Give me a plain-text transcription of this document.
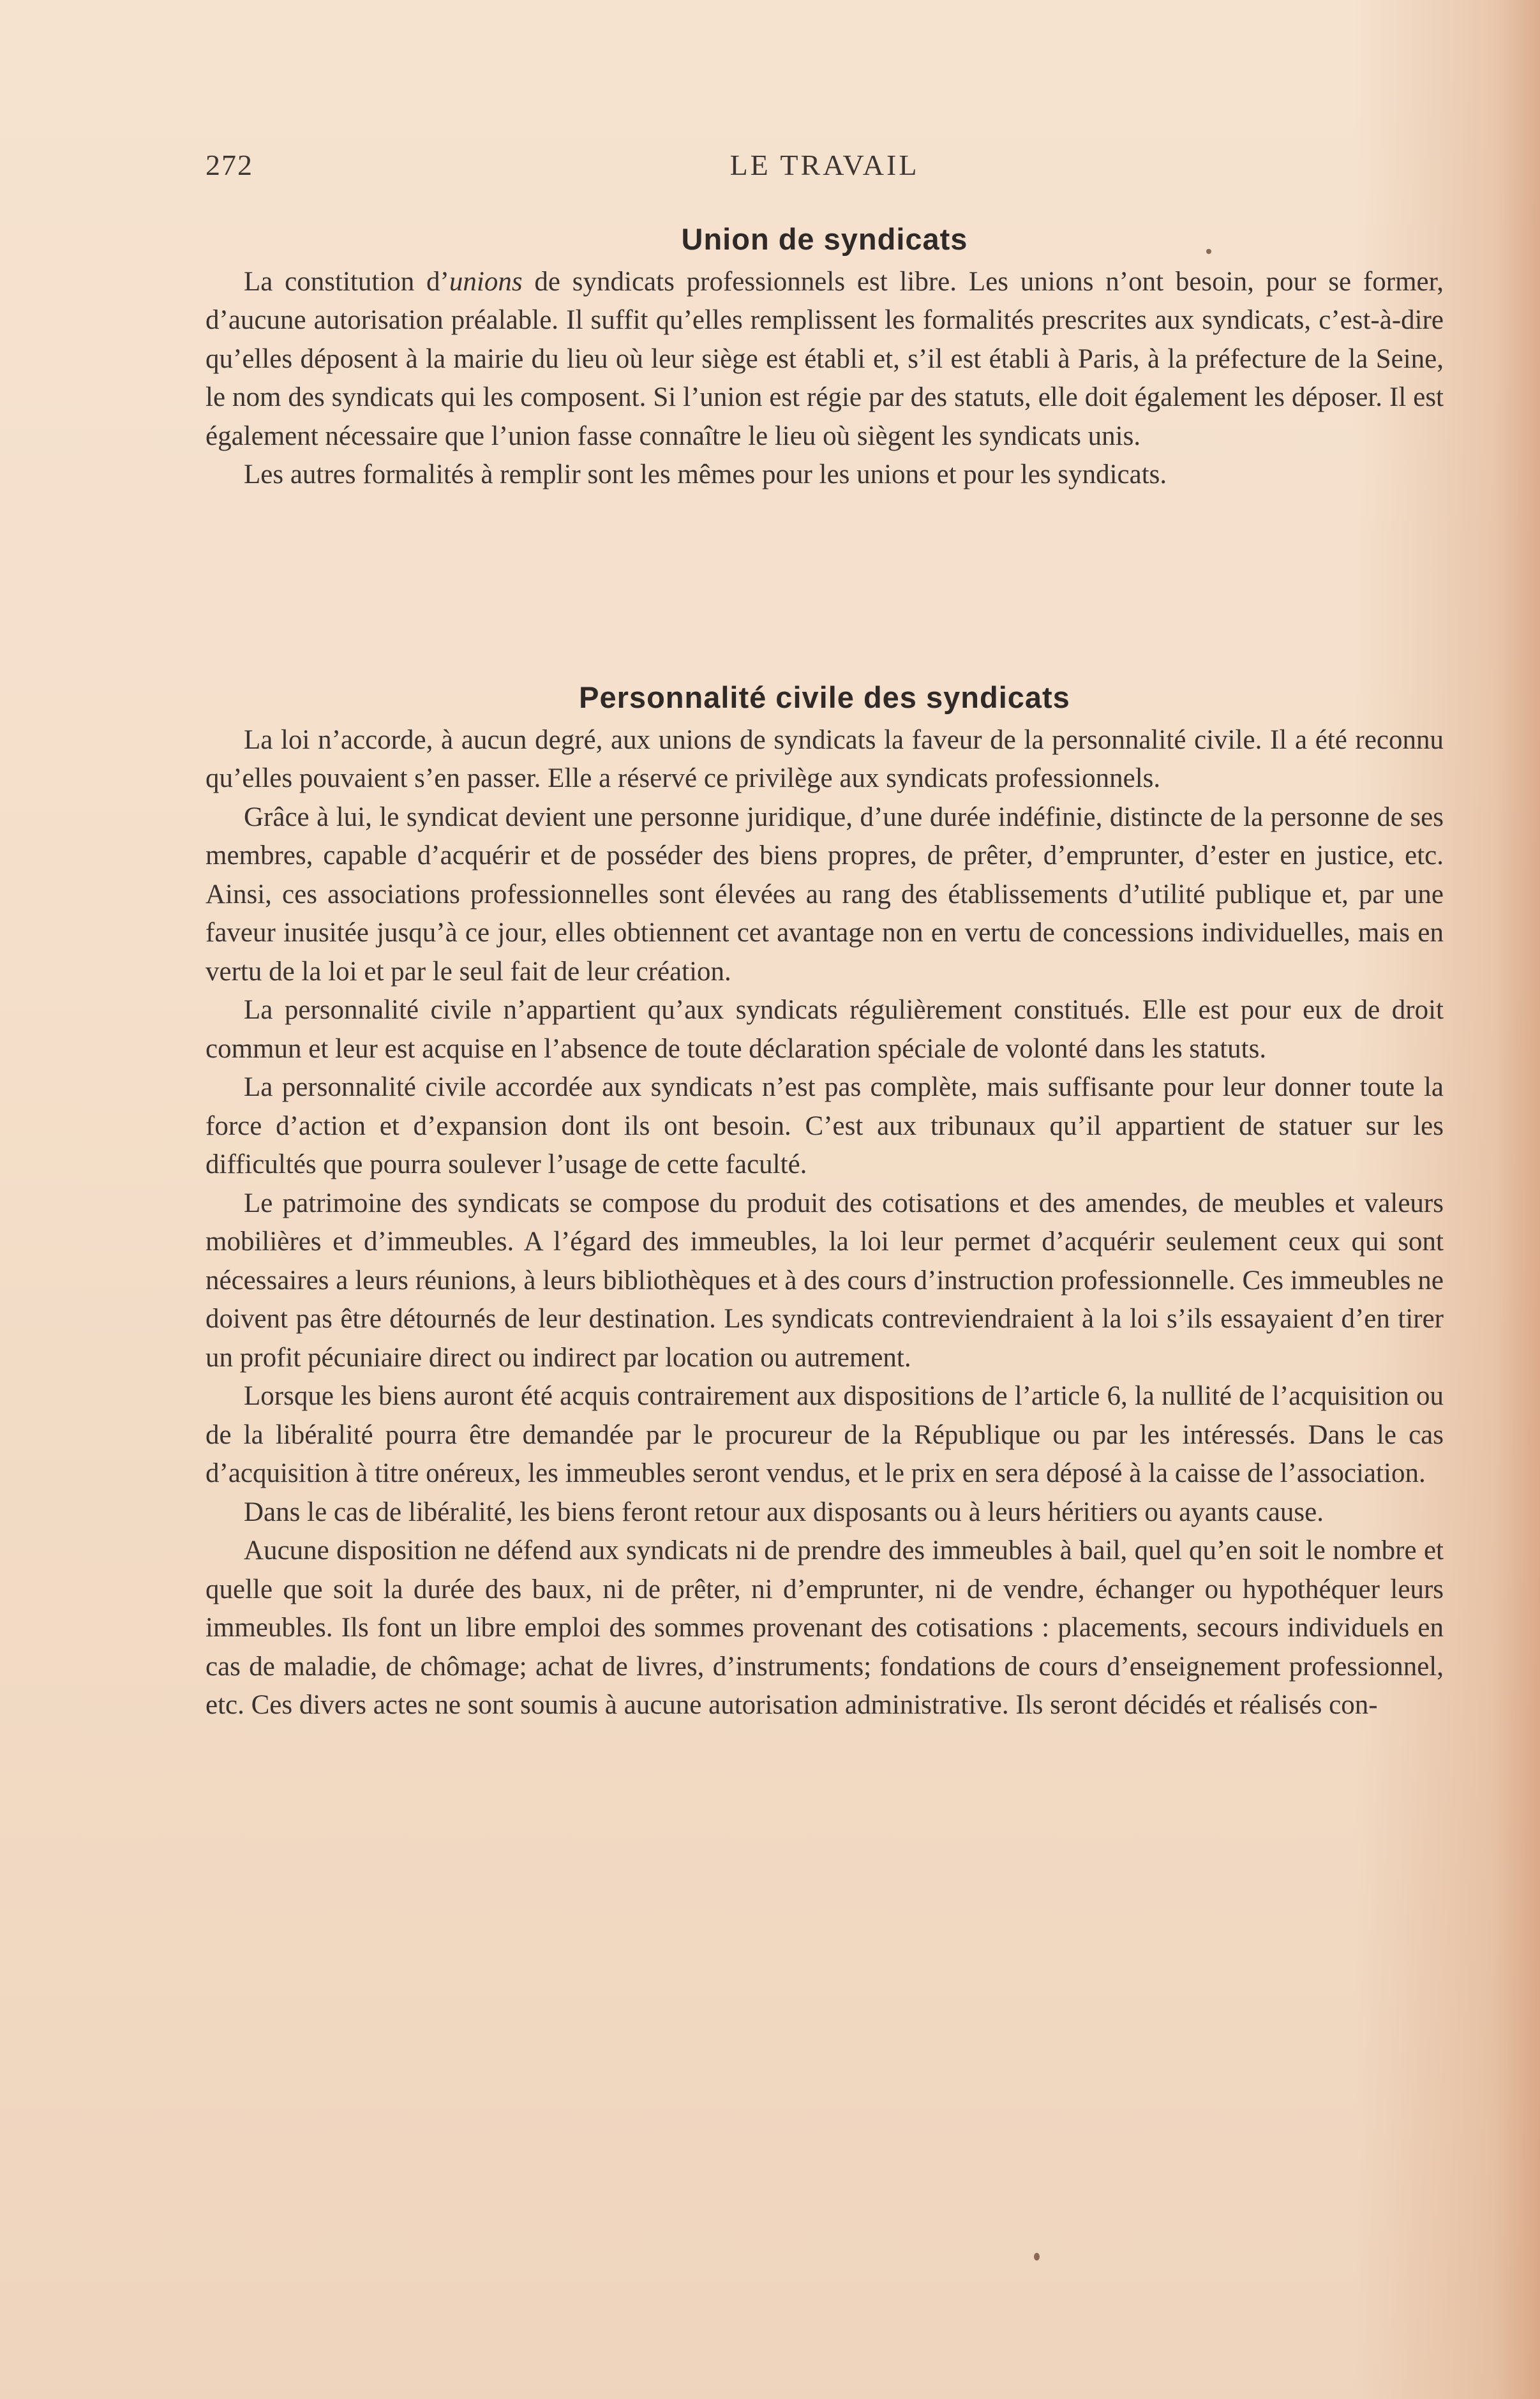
272	LE TRAVAIL
Union de syndicats

La constitution d’unions de syndicats professionnels est libre. Les unions n’ont besoin, pour se former, d’aucune autorisation préalable. Il suffit qu’elles remplissent les formalités prescrites aux syndicats, c’est-à-dire qu’elles déposent à la mairie du lieu où leur siège est établi et, s’il est établi à Paris, à la préfecture de la Seine, le nom des syndicats qui les composent. Si l’union est régie par des statuts, elle doit également les déposer. Il est également nécessaire que l’union fasse connaître le lieu où siègent les syndicats unis.

Les autres formalités à remplir sont les mêmes pour les unions et pour les syndicats.

Personnalité civile des syndicats

La loi n’accorde, à aucun degré, aux unions de syndicats la faveur de la personnalité civile. Il a été reconnu qu’elles pouvaient s’en passer. Elle a réservé ce privilège aux syndicats professionnels.

Grâce à lui, le syndicat devient une personne juridique, d’une durée indéfinie, distincte de la personne de ses membres, capable d’acquérir et de posséder des biens propres, de prêter, d’emprunter, d’ester en justice, etc. Ainsi, ces associations professionnelles sont élevées au rang des établissements d’utilité publique et, par une faveur inusitée jusqu’à ce jour, elles obtiennent cet avantage non en vertu de concessions individuelles, mais en vertu de la loi et par le seul fait de leur création.

La personnalité civile n’appartient qu’aux syndicats régulièrement constitués. Elle est pour eux de droit commun et leur est acquise en l’absence de toute déclaration spéciale de volonté dans les statuts.

La personnalité civile accordée aux syndicats n’est pas complète, mais suffisante pour leur donner toute la force d’action et d’expansion dont ils ont besoin. C’est aux tribunaux qu’il appartient de statuer sur les difficultés que pourra soulever l’usage de cette faculté.

Le patrimoine des syndicats se compose du produit des cotisations et des amendes, de meubles et valeurs mobilières et d’immeubles. A l’égard des immeubles, la loi leur permet d’acquérir seulement ceux qui sont nécessaires a leurs réunions, à leurs bibliothèques et à des cours d’instruction professionnelle. Ces immeubles ne doivent pas être détournés de leur destination. Les syndicats contreviendraient à la loi s’ils essayaient d’en tirer un profit pécuniaire direct ou indirect par location ou autrement.

Lorsque les biens auront été acquis contrairement aux dispositions de l’article 6, la nullité de l’acquisition ou de la libéralité pourra être demandée par le procureur de la République ou par les intéressés. Dans le cas d’acquisition à titre onéreux, les immeubles seront vendus, et le prix en sera déposé à la caisse de l’association.

Dans le cas de libéralité, les biens feront retour aux disposants ou à leurs héritiers ou ayants cause.

Aucune disposition ne défend aux syndicats ni de prendre des immeubles à bail, quel qu’en soit le nombre et quelle que soit la durée des baux, ni de prêter, ni d’emprunter, ni de vendre, échanger ou hypothéquer leurs immeubles. Ils font un libre emploi des sommes provenant des cotisations : placements, secours individuels en cas de maladie, de chômage; achat de livres, d’instruments; fondations de cours d’enseignement professionnel, etc. Ces divers actes ne sont soumis à aucune autorisation administrative. Ils seront décidés et réalisés con-
